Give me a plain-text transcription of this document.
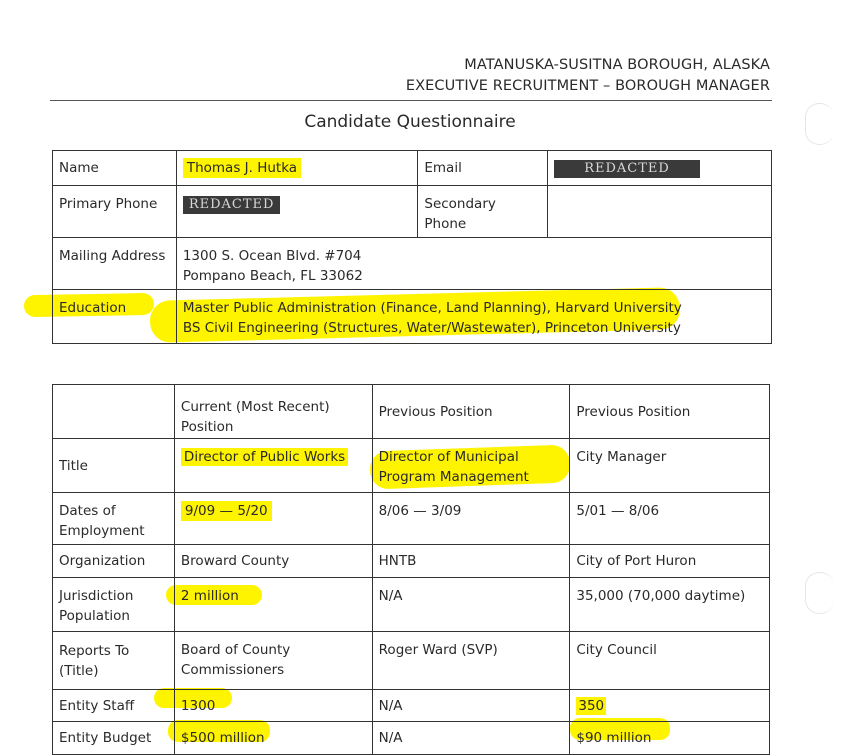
MATANUSKA-SUSITNA BOROUGH, ALASKA
EXECUTIVE RECRUITMENT – BOROUGH MANAGER
Candidate Questionnaire
Name	Thomas J. Hutka	Email	REDACTED

Primary Phone	REDACTED	Secondary Phone	

Mailing Address	1300 S. Ocean Blvd. #704
Pompano Beach, FL 33062		

Education	Master Public Administration (Finance, Land Planning), Harvard University
BS Civil Engineering (Structures, Water/Wastewater), Princeton University		

	Current (Most Recent) Position	Previous Position	Previous Position

Title	Director of Public Works	Director of Municipal Program Management	City Manager

Dates of Employment	9/09 — 5/20	8/06 — 3/09	5/01 — 8/06

Organization	Broward County	HNTB	City of Port Huron

Jurisdiction Population	2 million	N/A	35,000 (70,000 daytime)

Reports To (Title)	Board of County Commissioners	Roger Ward (SVP)	City Council

Entity Staff	1300	N/A	350

Entity Budget	$500 million	N/A	$90 million
